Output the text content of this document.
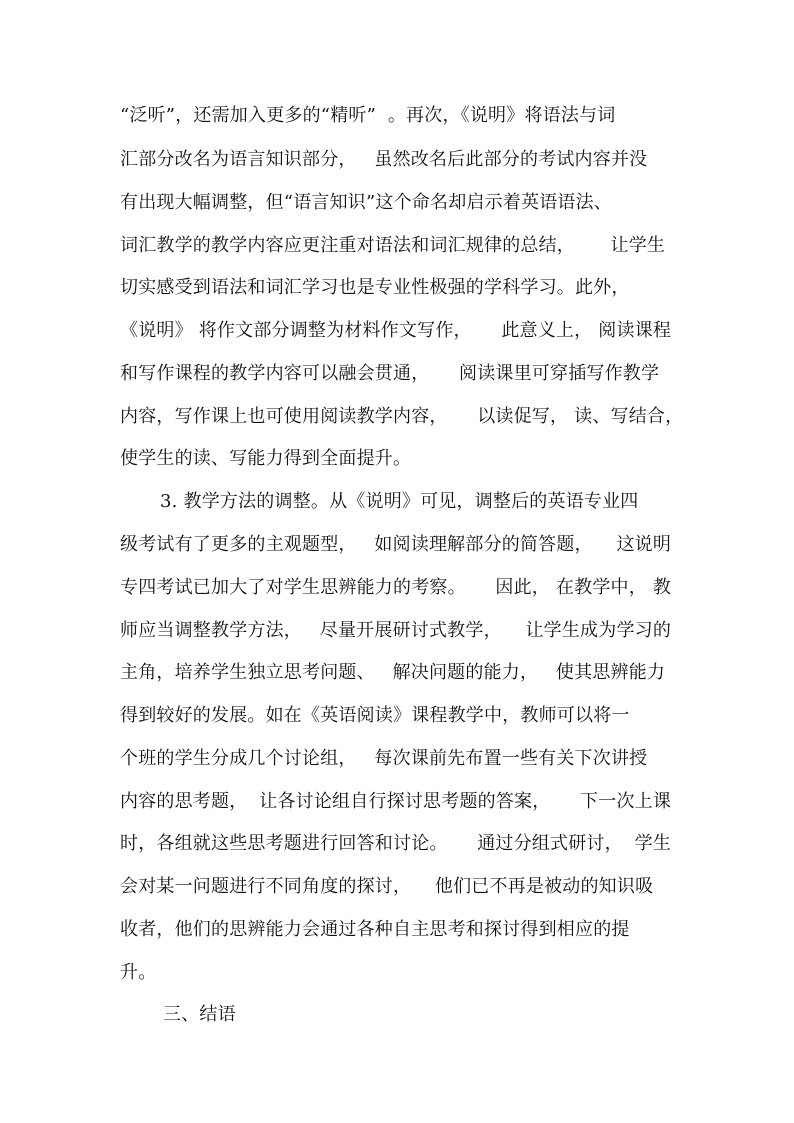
“泛听”，还需加入更多的“精听”  。再次，《说明》将语法与词
汇部分改名为语言知识部分，   虽然改名后此部分的考试内容并没
有出现大幅调整，但“语言知识”这个命名却启示着英语语法、
词汇教学的教学内容应更注重对语法和词汇规律的总结，      让学生
切实感受到语法和词汇学习也是专业性极强的学科学习。此外，
《说明》 将作文部分调整为材料作文写作，     此意义上， 阅读课程
和写作课程的教学内容可以融会贯通，     阅读课里可穿插写作教学
内容，写作课上也可使用阅读教学内容，     以读促写， 读、写结合，
使学生的读、写能力得到全面提升。
3. 教学方法的调整。从《说明》可见，调整后的英语专业四
级考试有了更多的主观题型，   如阅读理解部分的简答题，    这说明
专四考试已加大了对学生思辨能力的考察。     因此， 在教学中， 教
师应当调整教学方法，   尽量开展研讨式教学，    让学生成为学习的
主角，培养学生独立思考问题、   解决问题的能力，   使其思辨能力
得到较好的发展。如在《英语阅读》课程教学中，教师可以将一
个班的学生分成几个讨论组，   每次课前先布置一些有关下次讲授
内容的思考题，  让各讨论组自行探讨思考题的答案，     下一次上课
时，各组就这些思考题进行回答和讨论。     通过分组式研讨，  学生
会对某一问题进行不同角度的探讨，    他们已不再是被动的知识吸
收者，他们的思辨能力会通过各种自主思考和探讨得到相应的提
升。
三、结语
